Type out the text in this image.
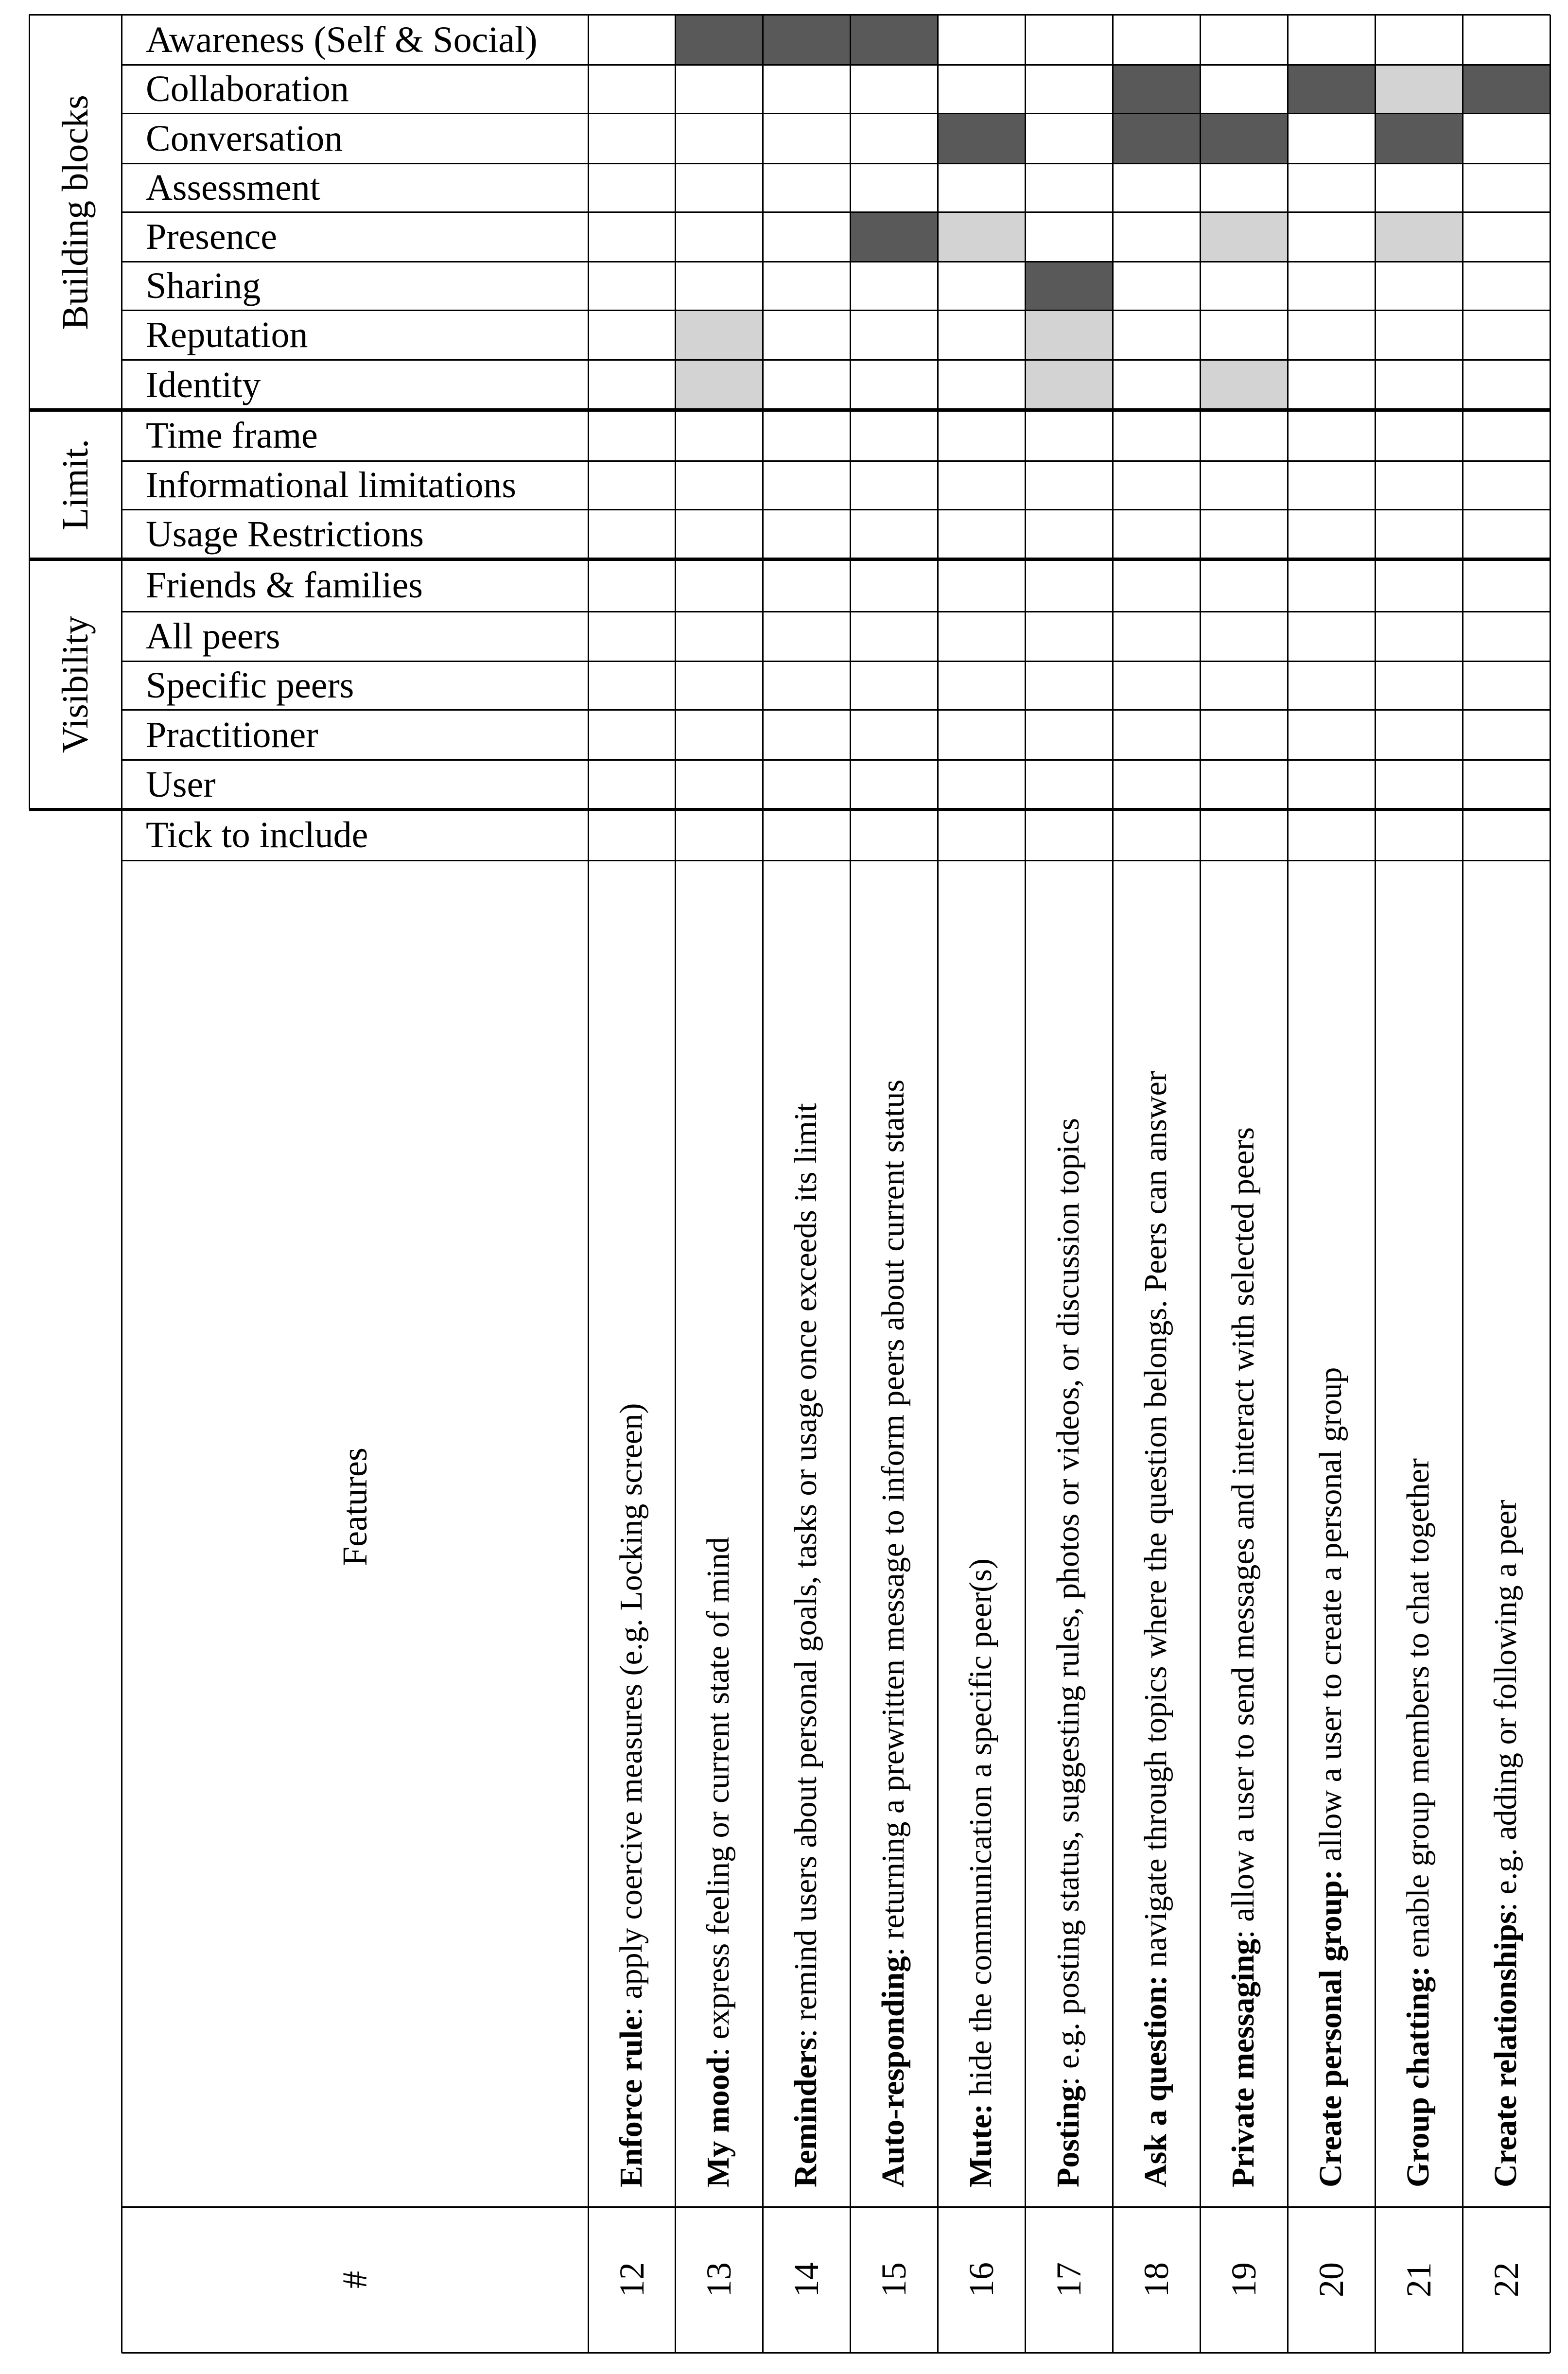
Building blocks
Limit.
Visibility
Awareness (Self & Social)
Collaboration
Conversation
Assessment
Presence
Sharing
Reputation
Identity
Time frame
Informational limitations
Usage Restrictions
Friends & families
All peers
Specific peers
Practitioner
User
Tick to include
Features
#
Enforce rule: apply coercive measures (e.g. Locking screen)
12
My mood: express feeling or current state of mind
13
Reminders: remind users about personal goals, tasks or usage once exceeds its limit
14
Auto-responding: returning a prewritten message to inform peers about current status
15
Mute: hide the communication a specific peer(s)
16
Posting: e.g. posting status, suggesting rules, photos or videos, or discussion topics
17
Ask a question: navigate through topics where the question belongs. Peers can answer
18
Private messaging: allow a user to send messages and interact with selected peers
19
Create personal group: allow a user to create a personal group
20
Group chatting: enable group members to chat together
21
Create relationships: e.g. adding or following a peer
22
